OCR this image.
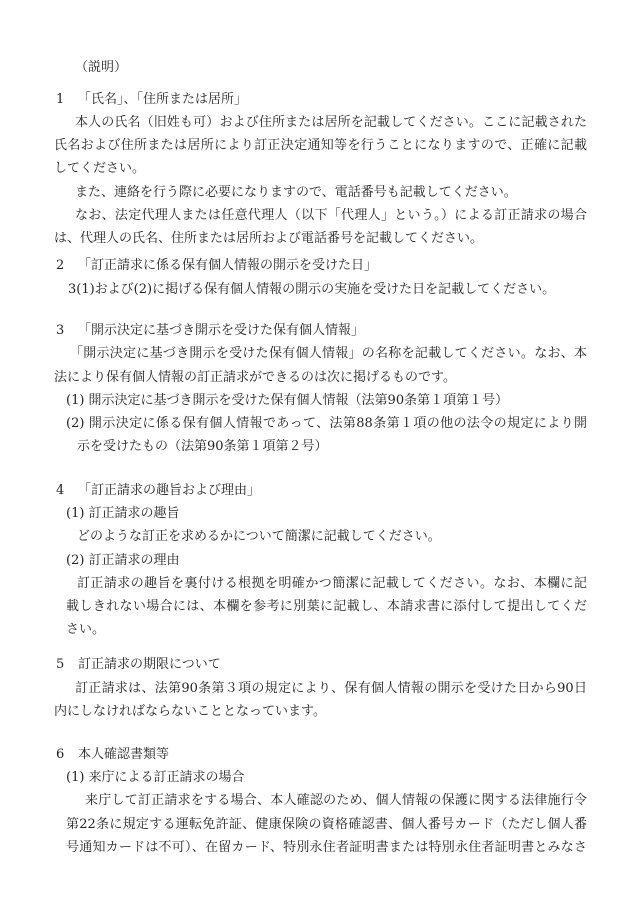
（説明）
1 「氏名」、「住所または居所」
本人の氏名（旧姓も可）および住所または居所を記載してください。ここに記載された
氏名および住所または居所により訂正決定通知等を行うことになりますので、正確に記載
してください。
また、連絡を行う際に必要になりますので、電話番号も記載してください。
なお、法定代理人または任意代理人（以下「代理人」という。）による訂正請求の場合
は、代理人の氏名、住所または居所および電話番号を記載してください。
2 「訂正請求に係る保有個人情報の開示を受けた日」
3(1)および(2)に掲げる保有個人情報の開示の実施を受けた日を記載してください。
3 「開示決定に基づき開示を受けた保有個人情報」
「開示決定に基づき開示を受けた保有個人情報」の名称を記載してください。なお、本
法により保有個人情報の訂正請求ができるのは次に掲げるものです。
(1) 開示決定に基づき開示を受けた保有個人情報（法第90条第１項第１号）
(2) 開示決定に係る保有個人情報であって、法第88条第１項の他の法令の規定により開
示を受けたもの（法第90条第１項第２号）
4 「訂正請求の趣旨および理由」
(1) 訂正請求の趣旨
どのような訂正を求めるかについて簡潔に記載してください。
(2) 訂正請求の理由
訂正請求の趣旨を裏付ける根拠を明確かつ簡潔に記載してください。なお、本欄に記
載しきれない場合には、本欄を参考に別葉に記載し、本請求書に添付して提出してくだ
さい。
5 訂正請求の期限について
訂正請求は、法第90条第３項の規定により、保有個人情報の開示を受けた日から90日
内にしなければならないこととなっています。
6 本人確認書類等
(1) 来庁による訂正請求の場合
来庁して訂正請求をする場合、本人確認のため、個人情報の保護に関する法律施行令
第22条に規定する運転免許証、健康保険の資格確認書、個人番号カード（ただし個人番
号通知カードは不可）、在留カード、特別永住者証明書または特別永住者証明書とみなさ
